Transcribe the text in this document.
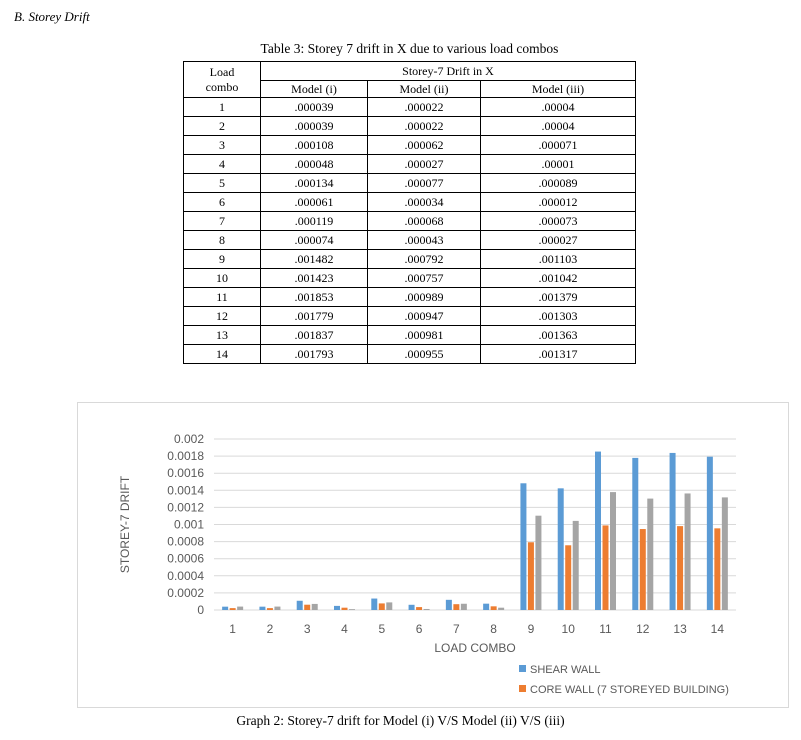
B. Storey Drift
Table 3: Storey 7 drift in X due to various load combos
Load
combo	Storey-7 Drift in X		
	Model (i)	Model (ii)	Model (iii)
1	.000039	.000022	.00004
2	.000039	.000022	.00004
3	.000108	.000062	.000071
4	.000048	.000027	.00001
5	.000134	.000077	.000089
6	.000061	.000034	.000012
7	.000119	.000068	.000073
8	.000074	.000043	.000027
9	.001482	.000792	.001103
10	.001423	.000757	.001042
11	.001853	.000989	.001379
12	.001779	.000947	.001303
13	.001837	.000981	.001363
14	.001793	.000955	.001317
0
0.0002
0.0004
0.0006
0.0008
0.001
0.0012
0.0014
0.0016
0.0018
0.002
1	2	3	4	5	6	7	8	9 10 11 12 13 14
LOAD COMBO
STOREY-7 DRIFT
SHEAR WALL
CORE WALL (7 STOREYED BUILDING)
Graph 2: Storey-7 drift for Model (i) V/S Model (ii) V/S (iii)
